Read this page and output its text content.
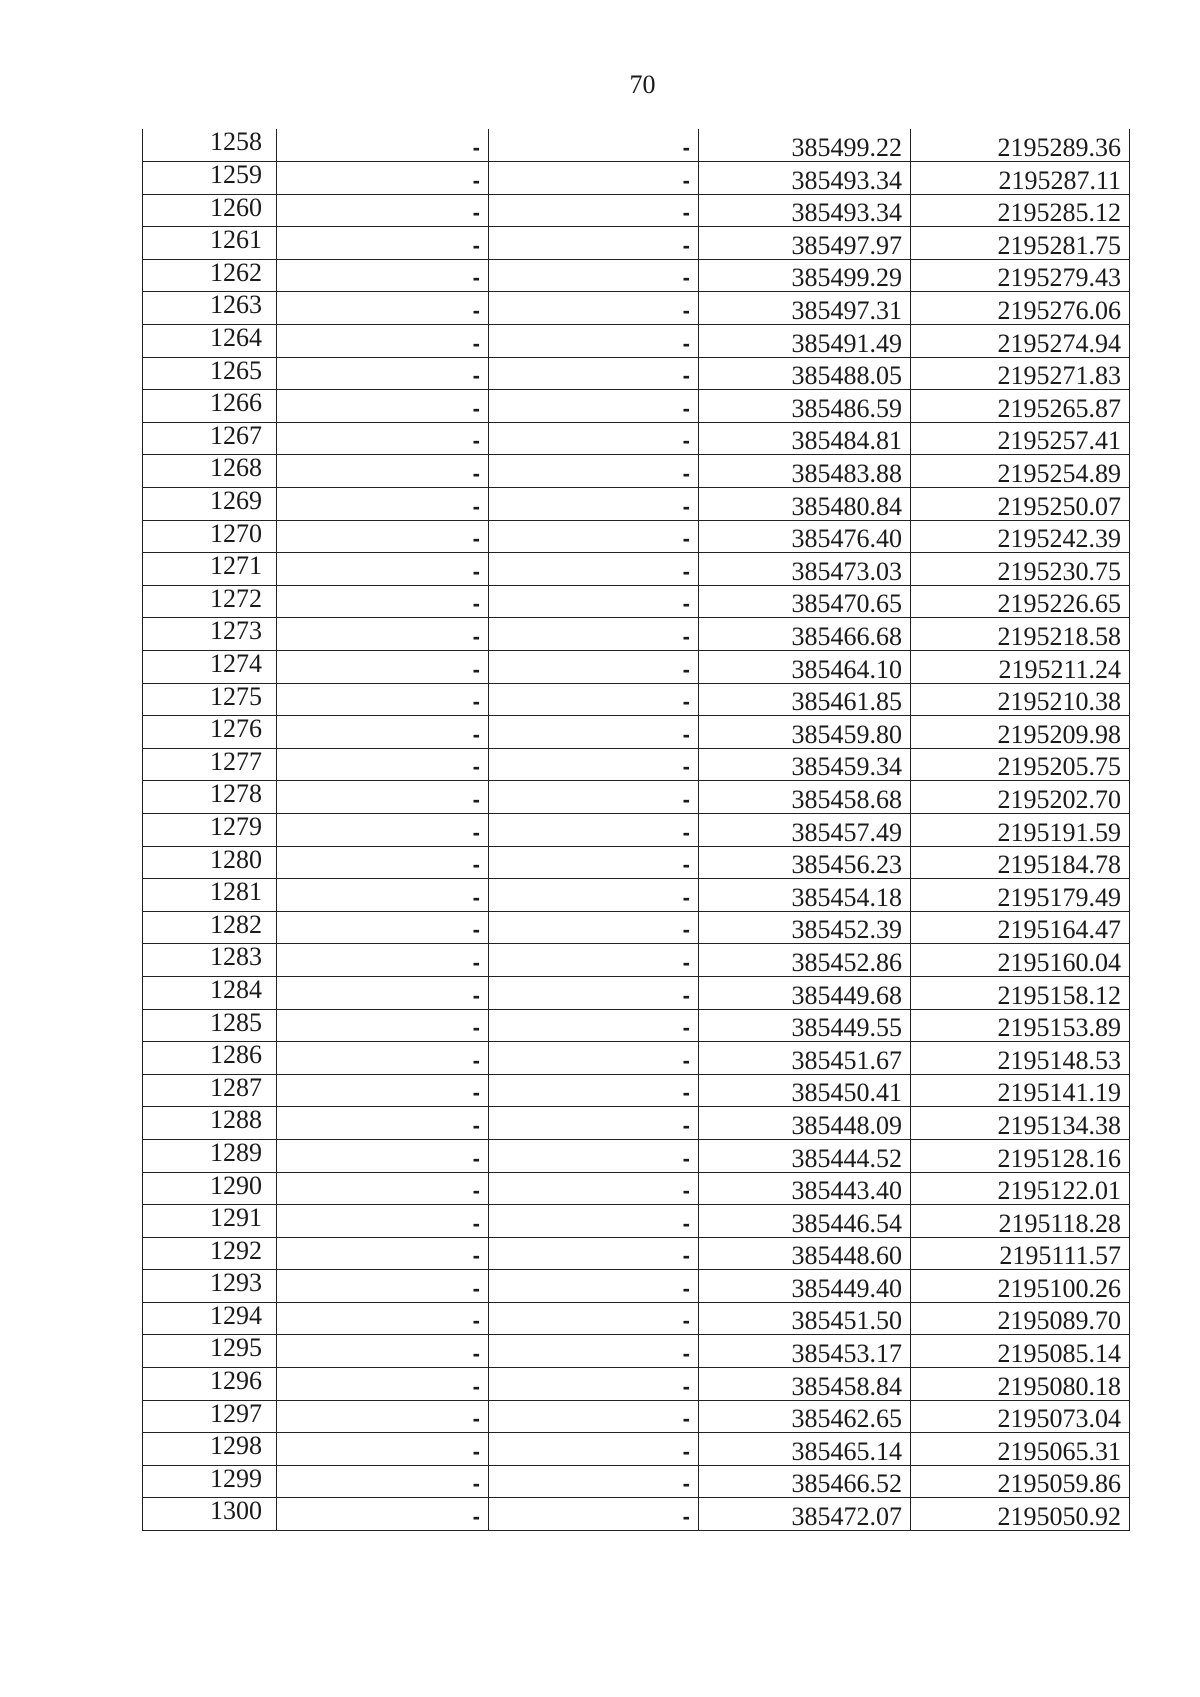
70
1258	-	-	385499.22	2195289.36
1259	-	-	385493.34	2195287.11
1260	-	-	385493.34	2195285.12
1261	-	-	385497.97	2195281.75
1262	-	-	385499.29	2195279.43
1263	-	-	385497.31	2195276.06
1264	-	-	385491.49	2195274.94
1265	-	-	385488.05	2195271.83
1266	-	-	385486.59	2195265.87
1267	-	-	385484.81	2195257.41
1268	-	-	385483.88	2195254.89
1269	-	-	385480.84	2195250.07
1270	-	-	385476.40	2195242.39
1271	-	-	385473.03	2195230.75
1272	-	-	385470.65	2195226.65
1273	-	-	385466.68	2195218.58
1274	-	-	385464.10	2195211.24
1275	-	-	385461.85	2195210.38
1276	-	-	385459.80	2195209.98
1277	-	-	385459.34	2195205.75
1278	-	-	385458.68	2195202.70
1279	-	-	385457.49	2195191.59
1280	-	-	385456.23	2195184.78
1281	-	-	385454.18	2195179.49
1282	-	-	385452.39	2195164.47
1283	-	-	385452.86	2195160.04
1284	-	-	385449.68	2195158.12
1285	-	-	385449.55	2195153.89
1286	-	-	385451.67	2195148.53
1287	-	-	385450.41	2195141.19
1288	-	-	385448.09	2195134.38
1289	-	-	385444.52	2195128.16
1290	-	-	385443.40	2195122.01
1291	-	-	385446.54	2195118.28
1292	-	-	385448.60	2195111.57
1293	-	-	385449.40	2195100.26
1294	-	-	385451.50	2195089.70
1295	-	-	385453.17	2195085.14
1296	-	-	385458.84	2195080.18
1297	-	-	385462.65	2195073.04
1298	-	-	385465.14	2195065.31
1299	-	-	385466.52	2195059.86
1300	-	-	385472.07	2195050.92
